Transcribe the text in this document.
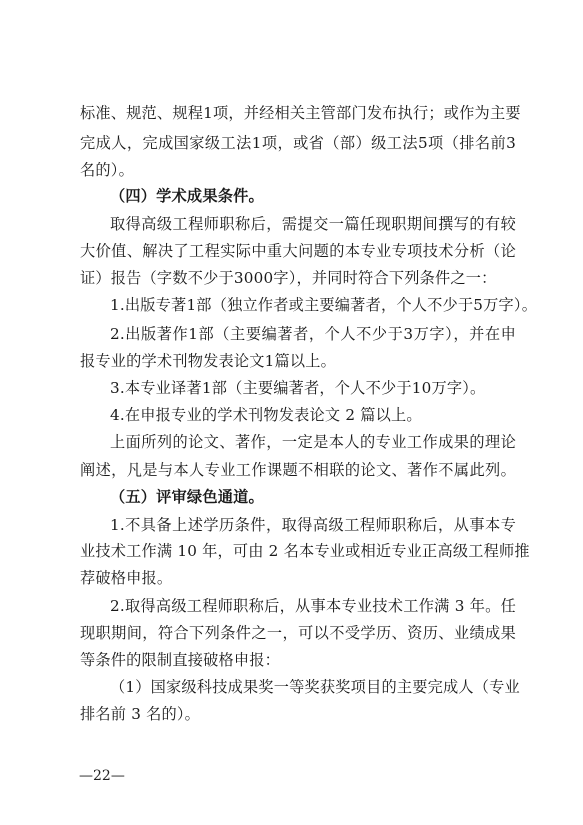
标准、规范、规程1项，并经相关主管部门发布执行；或作为主要
完成人，完成国家级工法1项，或省（部）级工法5项（排名前3
名的）。
（四）学术成果条件。
取得高级工程师职称后，需提交一篇任现职期间撰写的有较
大价值、解决了工程实际中重大问题的本专业专项技术分析（论
证）报告（字数不少于3000字），并同时符合下列条件之一：
1.出版专著1部（独立作者或主要编著者，个人不少于5万字）。
2.出版著作1部（主要编著者，个人不少于3万字），并在申
报专业的学术刊物发表论文1篇以上。
3.本专业译著1部（主要编著者，个人不少于10万字）。
4.在申报专业的学术刊物发表论文 2 篇以上。
上面所列的论文、著作，一定是本人的专业工作成果的理论
阐述，凡是与本人专业工作课题不相联的论文、著作不属此列。
（五）评审绿色通道。
1.不具备上述学历条件，取得高级工程师职称后，从事本专
业技术工作满 10 年，可由 2 名本专业或相近专业正高级工程师推
荐破格申报。
2.取得高级工程师职称后，从事本专业技术工作满 3 年。任
现职期间，符合下列条件之一，可以不受学历、资历、业绩成果
等条件的限制直接破格申报：
（1）国家级科技成果奖一等奖获奖项目的主要完成人（专业
排名前 3 名的）。
—22—
